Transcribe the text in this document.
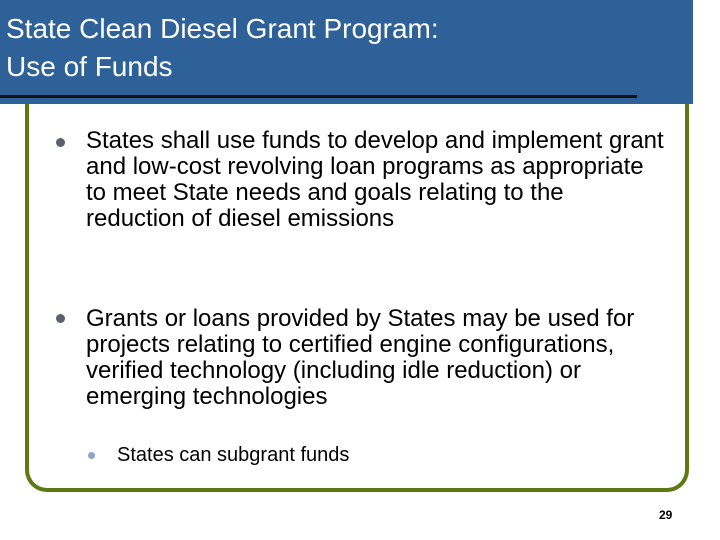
State Clean Diesel Grant Program:
Use of Funds
States shall use funds to develop and implement grant and low-cost revolving loan programs as appropriate to meet State needs and goals relating to the reduction of diesel emissions
Grants or loans provided by States may be used for projects relating to certified engine configurations, verified technology (including idle reduction) or emerging technologies
States can subgrant funds
29
